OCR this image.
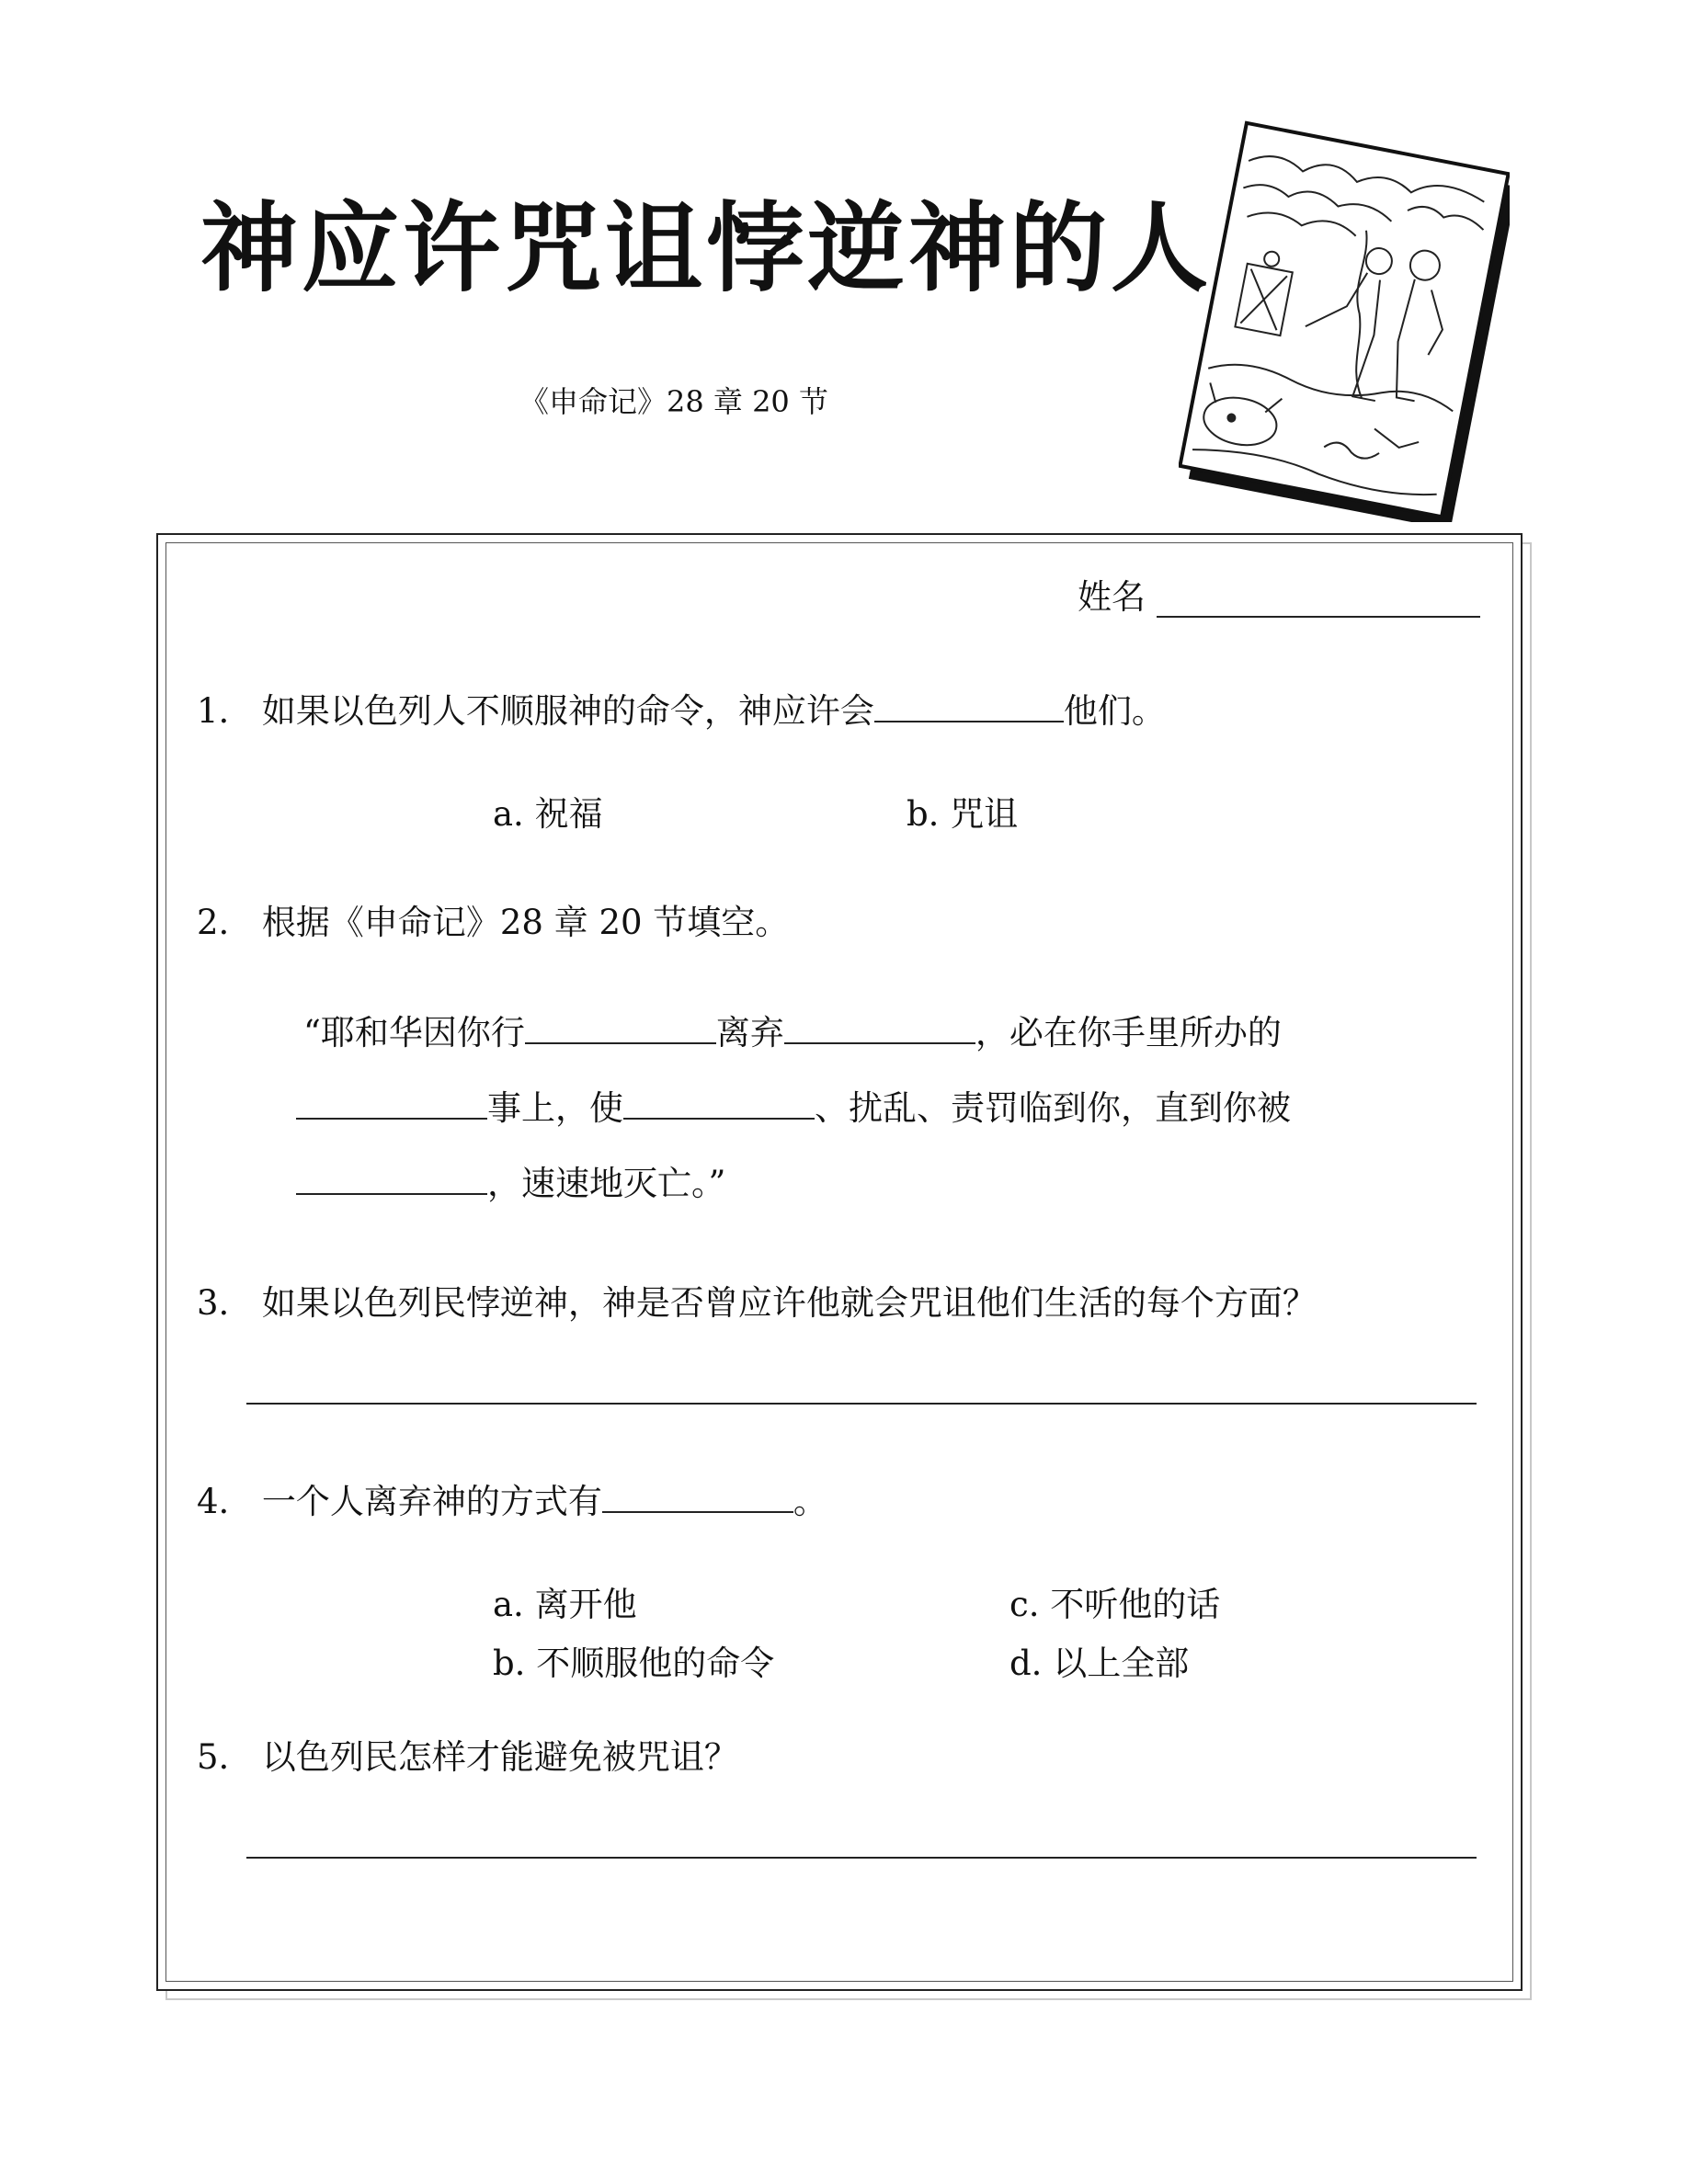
神应许咒诅悖逆神的人
《申命记》28 章 20 节
姓名
1. 如果以色列人不顺服神的命令，神应许会	他们。
a. 祝福	b. 咒诅
2. 根据《申命记》28 章 20 节填空。
“耶和华因你行	离弃	，必在你手里所办的
事上，使	、扰乱、责罚临到你，直到你被
，速速地灭亡。”
3. 如果以色列民悖逆神，神是否曾应许他就会咒诅他们生活的每个方面？
4. 一个人离弃神的方式有	。
a. 离开他	c. 不听他的话
b. 不顺服他的命令	d. 以上全部
5. 以色列民怎样才能避免被咒诅？
